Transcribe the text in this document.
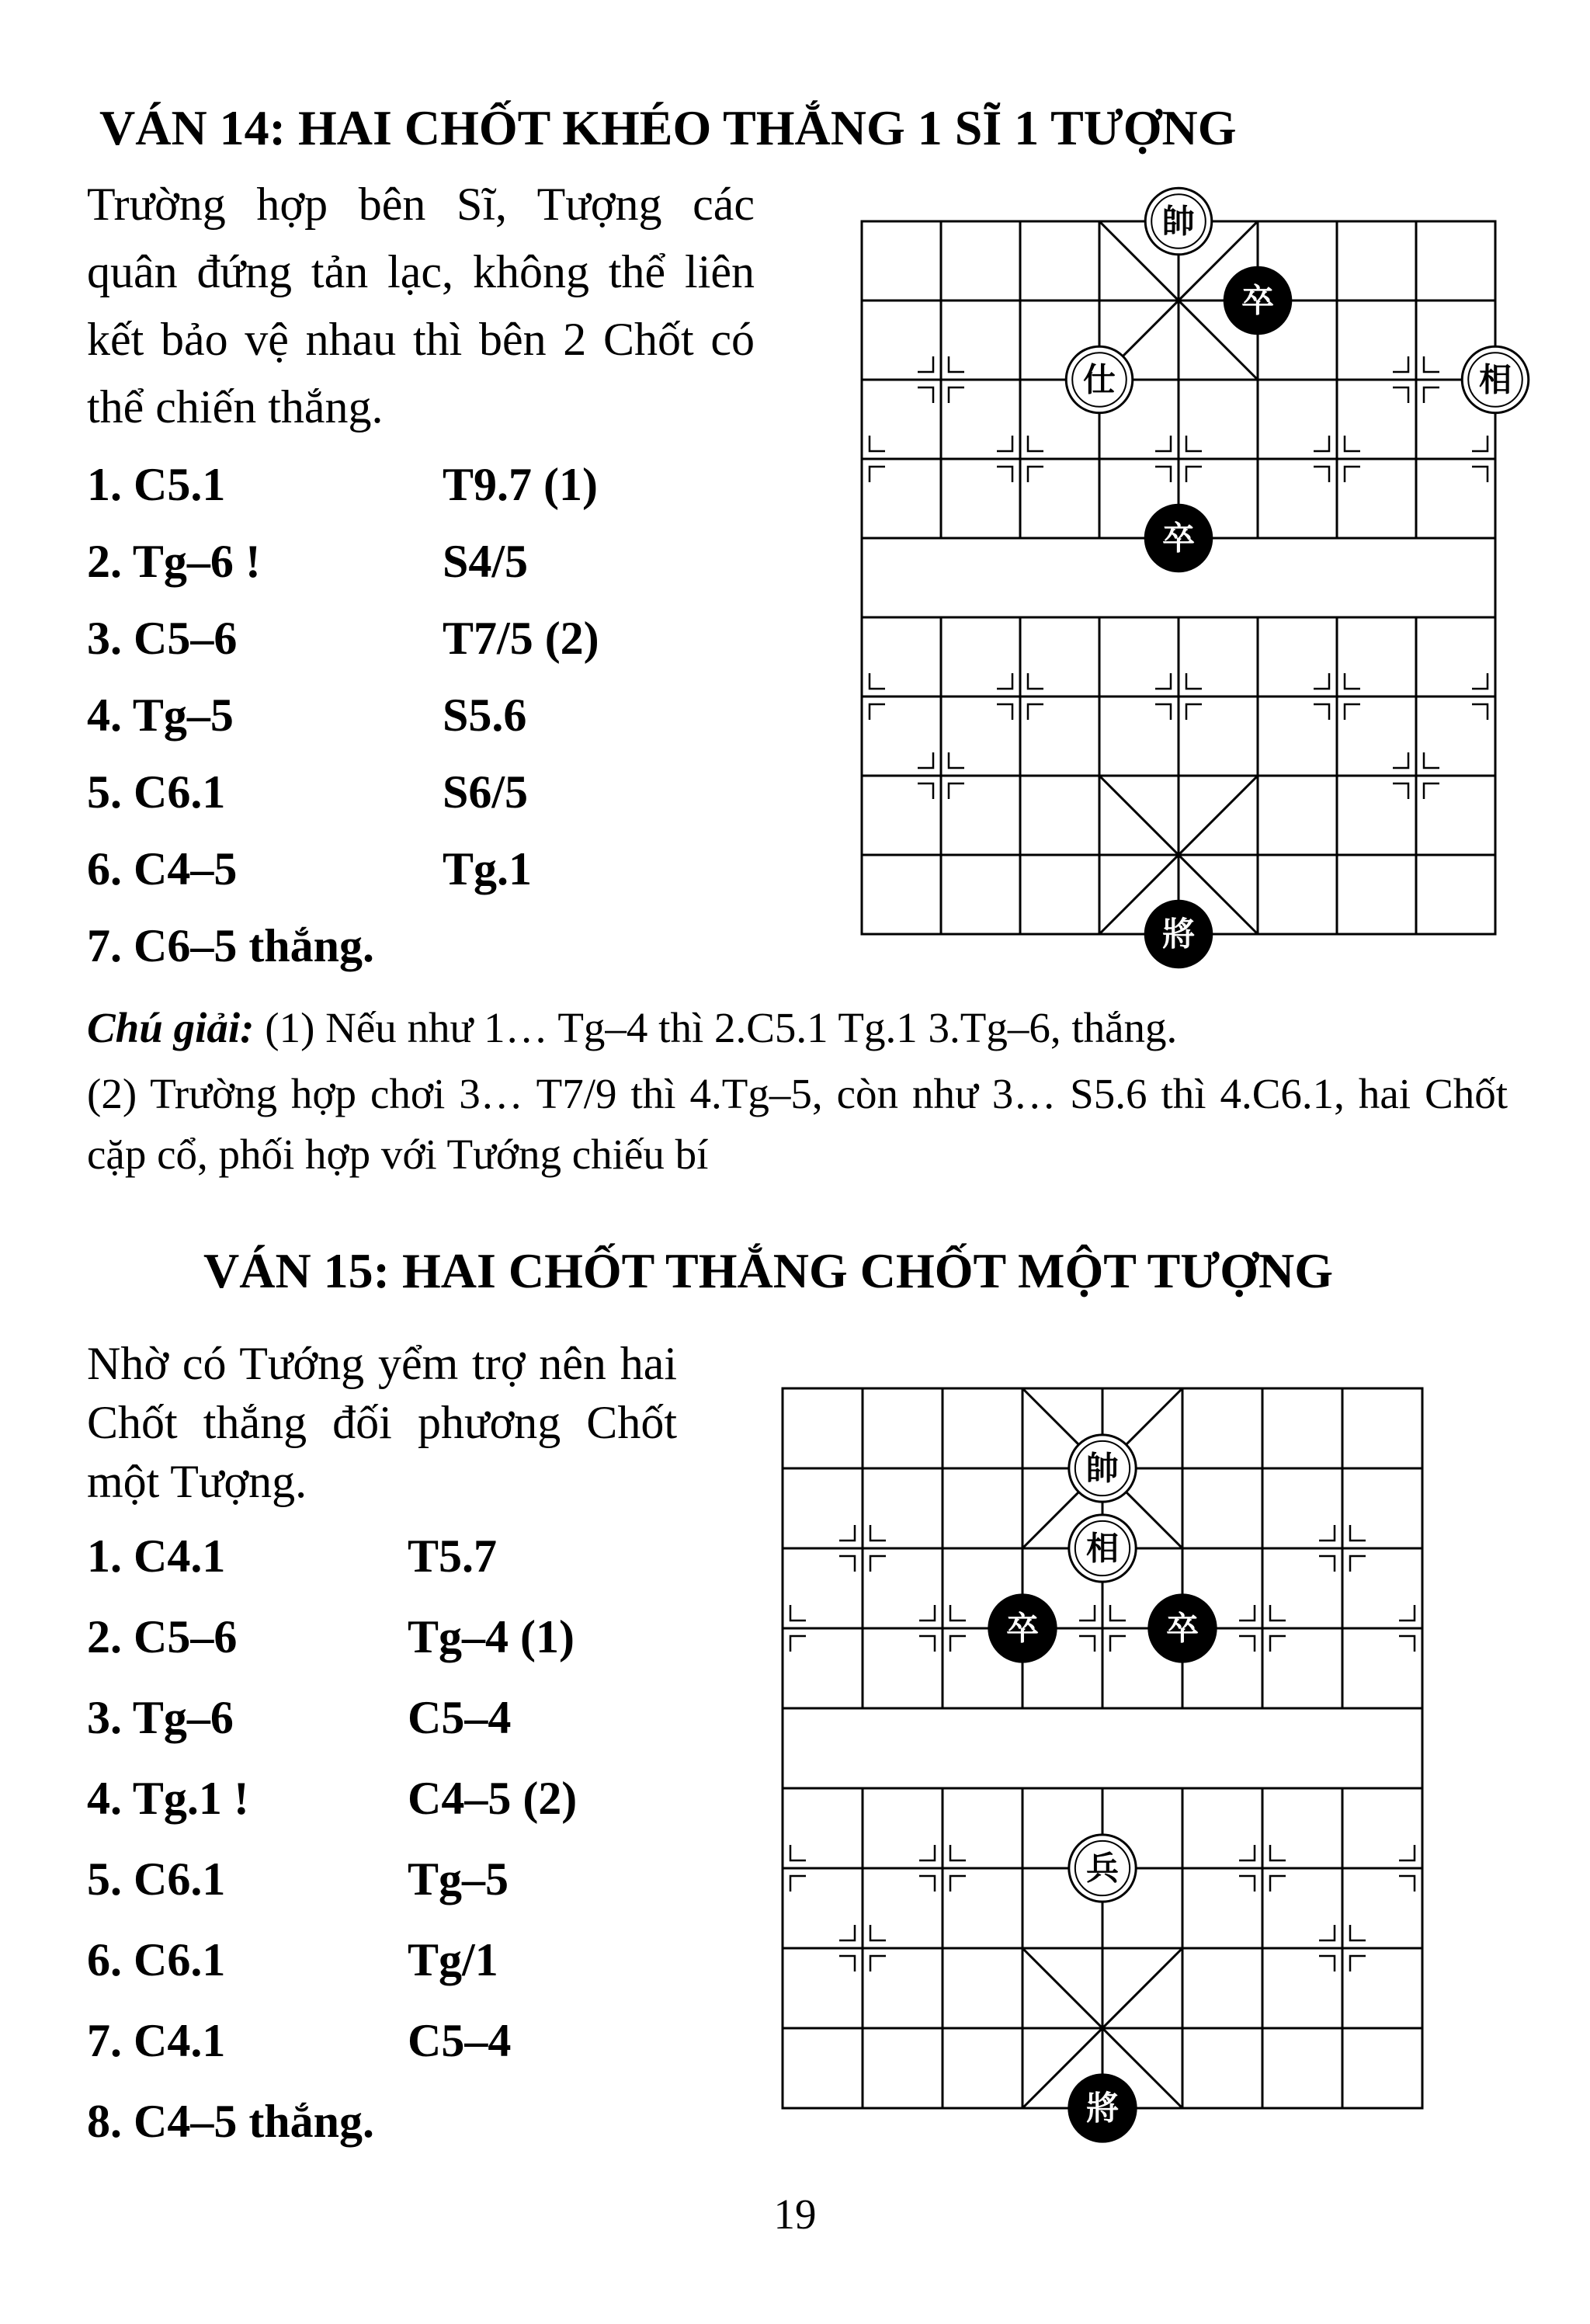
VÁN 14: HAI CHỐT KHÉO THẮNG 1 SĨ 1 TƯỢNG
Trường hợp bên Sĩ, Tượng các quân đứng tản lạc, không thể liên kết bảo vệ nhau thì bên 2 Chốt có thể chiến thắng.
1. C5.1	T9.7 (1)
2. Tg–6 !	S4/5
3. C5–6	T7/5 (2)
4. Tg–5	S5.6
5. C6.1	S6/5
6. C4–5	Tg.1
7. C6–5 thắng.
帥
卒
仕	相
卒
將
Chú giải: (1) Nếu như 1… Tg–4 thì 2.C5.1 Tg.1 3.Tg–6, thắng.
(2) Trường hợp chơi 3… T7/9 thì 4.Tg–5, còn như 3… S5.6 thì 4.C6.1, hai Chốt cặp cổ, phối hợp với Tướng chiếu bí
VÁN 15: HAI CHỐT THẮNG CHỐT MỘT TƯỢNG
Nhờ có Tướng yểm trợ nên hai Chốt thắng đối phương Chốt một Tượng.
1. C4.1	T5.7
2. C5–6	Tg–4 (1)
3. Tg–6	C5–4
4. Tg.1 !	C4–5 (2)
5. C6.1	Tg–5
6. C6.1	Tg/1
7. C4.1	C5–4
8. C4–5 thắng.
帥
相
卒	卒
兵
將
19
